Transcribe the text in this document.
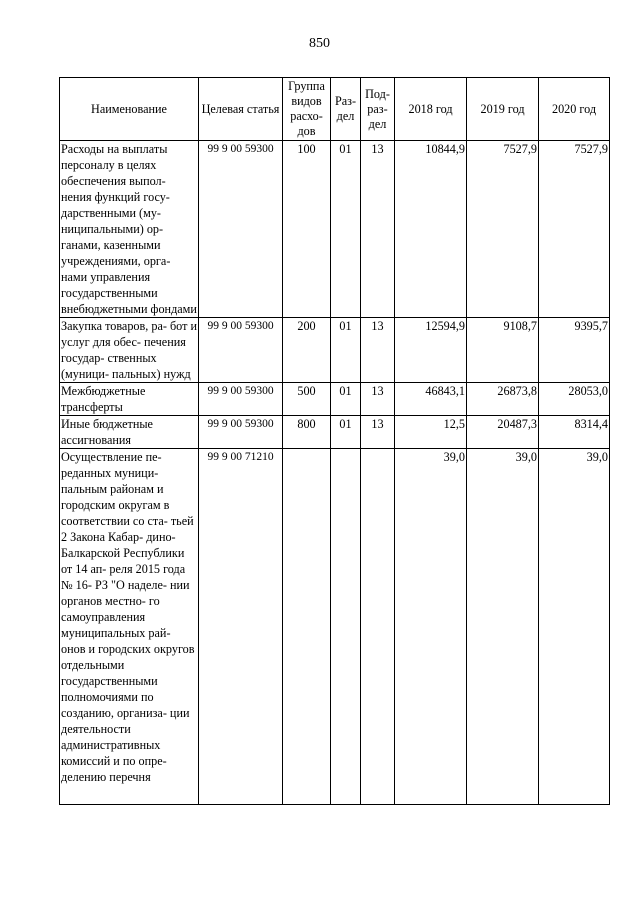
850
Наименование	Целевая статья	Группа видов расхо- дов	Раз- дел	Под- раз- дел	2018 год	2019 год	2020 год
Расходы на выплаты персоналу в целях обеспечения выпол- нения функций госу- дарственными (му- ниципальными) ор- ганами, казенными учреждениями, орга- нами управления государственными внебюджетными фондами	99 9 00 59300	100	01	13	10844,9	7527,9	7527,9
Закупка товаров, ра- бот и услуг для обес- печения государ- ственных (муници- пальных) нужд	99 9 00 59300	200	01	13	12594,9	9108,7	9395,7
Межбюджетные трансферты	99 9 00 59300	500	01	13	46843,1	26873,8	28053,0
Иные бюджетные ассигнования	99 9 00 59300	800	01	13	12,5	20487,3	8314,4
Осуществление пе- реданных муници- пальным районам и городским округам в соответствии со ста- тьей 2 Закона Кабар- дино-Балкарской Республики от 14 ап- реля 2015 года № 16- РЗ "О наделе- нии органов местно- го самоуправления муниципальных рай- онов и городских округов отдельными государственными полномочиями по созданию, организа- ции деятельности административных комиссий и по опре- делению перечня	99 9 00 71210				39,0	39,0	39,0
